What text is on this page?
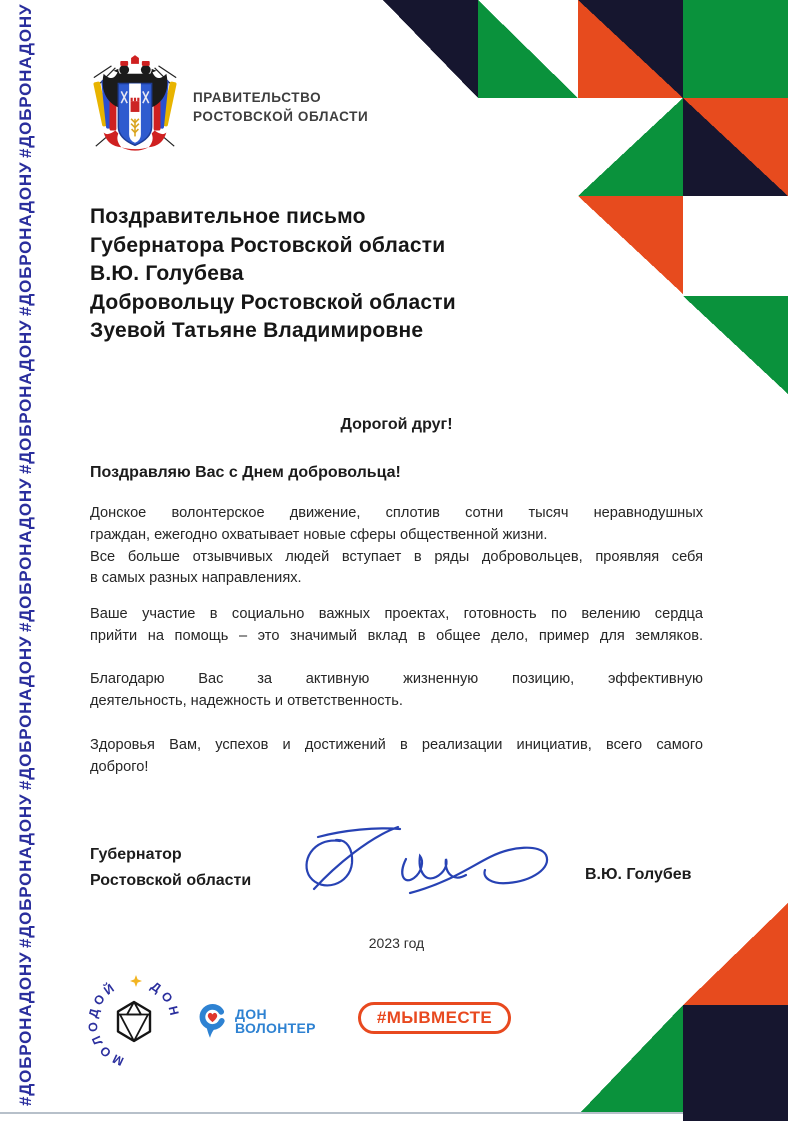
#ДОБРОНАДОНУ
#ДОБРОНАДОНУ
#ДОБРОНАДОНУ
#ДОБРОНАДОНУ
#ДОБРОНАДОНУ
#ДОБРОНАДОНУ
#ДОБРОНАДОНУ
ПРАВИТЕЛЬСТВО
РОСТОВСКОЙ ОБЛАСТИ
Поздравительное письмо
Губернатора Ростовской области
В.Ю. Голубева
Добровольцу Ростовской области
Зуевой Татьяне Владимировне
Дорогой друг!
Поздравляю Вас с Днем добровольца!
Донское волонтерское движение, сплотив сотни тысяч неравнодушных
граждан, ежегодно охватывает новые сферы общественной жизни.
Все больше отзывчивых людей вступает в ряды добровольцев, проявляя себя
в самых разных направлениях.
Ваше участие в социально важных проектах, готовность по велению сердца
прийти на помощь – это значимый вклад в общее дело, пример для земляков.
Благодарю Вас за активную жизненную позицию, эффективную
деятельность, надежность и ответственность.
Здоровья Вам, успехов и достижений в реализации инициатив, всего самого
доброго!
Губернатор
Ростовской области	В.Ю. Голубев
2023 год
МОЛОДОЙ	ДОН	ДОН
ВОЛОНТЕР
#МЫВМЕСТЕ
